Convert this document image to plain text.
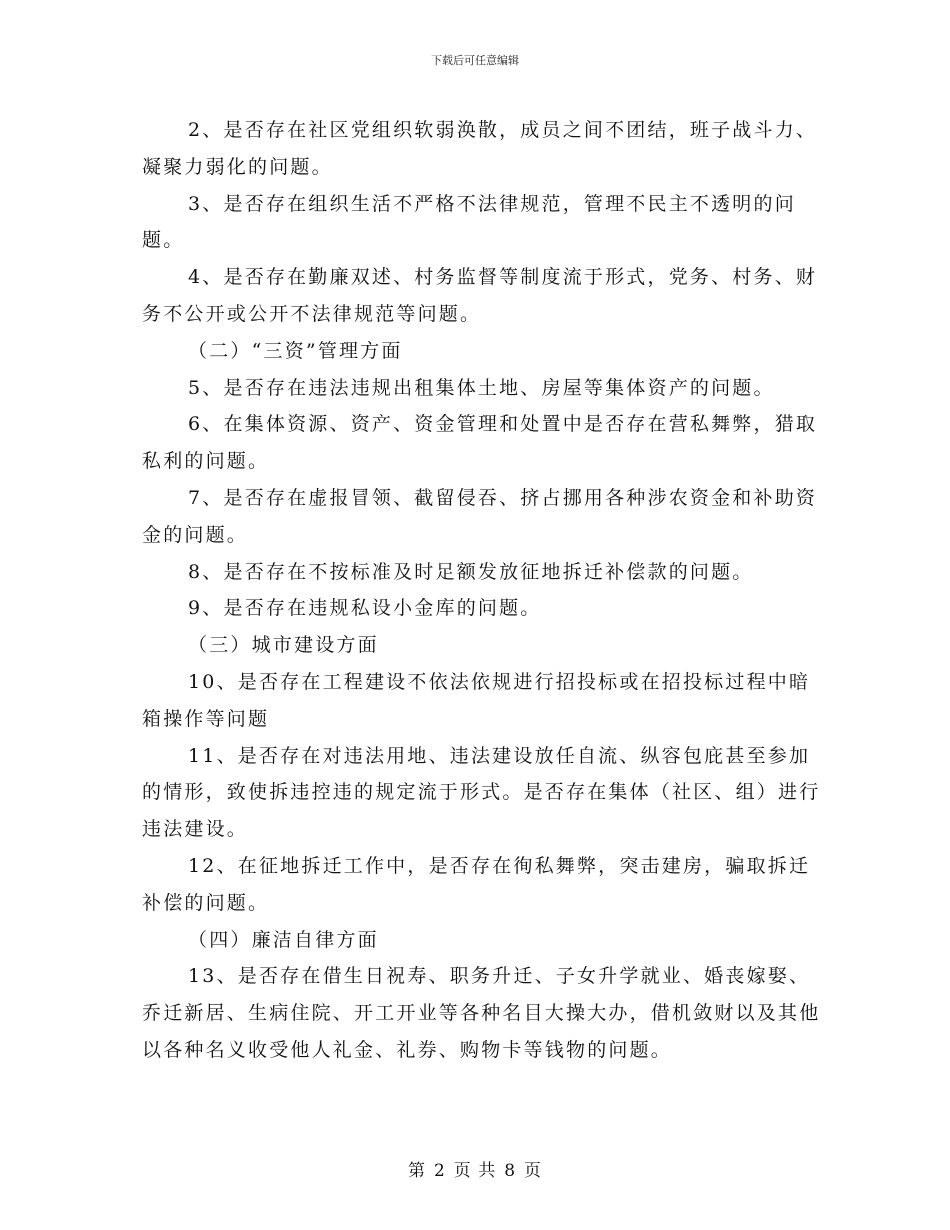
下载后可任意编辑

2、是否存在社区党组织软弱涣散，成员之间不团结，班子战斗力、凝聚力弱化的问题。

3、是否存在组织生活不严格不法律规范，管理不民主不透明的问题。

4、是否存在勤廉双述、村务监督等制度流于形式，党务、村务、财务不公开或公开不法律规范等问题。

（二）“三资”管理方面

5、是否存在违法违规出租集体土地、房屋等集体资产的问题。

6、在集体资源、资产、资金管理和处置中是否存在营私舞弊，猎取私利的问题。

7、是否存在虚报冒领、截留侵吞、挤占挪用各种涉农资金和补助资金的问题。

8、是否存在不按标准及时足额发放征地拆迁补偿款的问题。

9、是否存在违规私设小金库的问题。

（三）城市建设方面

10、是否存在工程建设不依法依规进行招投标或在招投标过程中暗箱操作等问题

11、是否存在对违法用地、违法建设放任自流、纵容包庇甚至参加的情形，致使拆违控违的规定流于形式。是否存在集体（社区、组）进行违法建设。

12、在征地拆迁工作中，是否存在徇私舞弊，突击建房，骗取拆迁补偿的问题。

（四）廉洁自律方面

13、是否存在借生日祝寿、职务升迁、子女升学就业、婚丧嫁娶、乔迁新居、生病住院、开工开业等各种名目大操大办，借机敛财以及其他以各种名义收受他人礼金、礼券、购物卡等钱物的问题。

第 2 页 共 8 页
